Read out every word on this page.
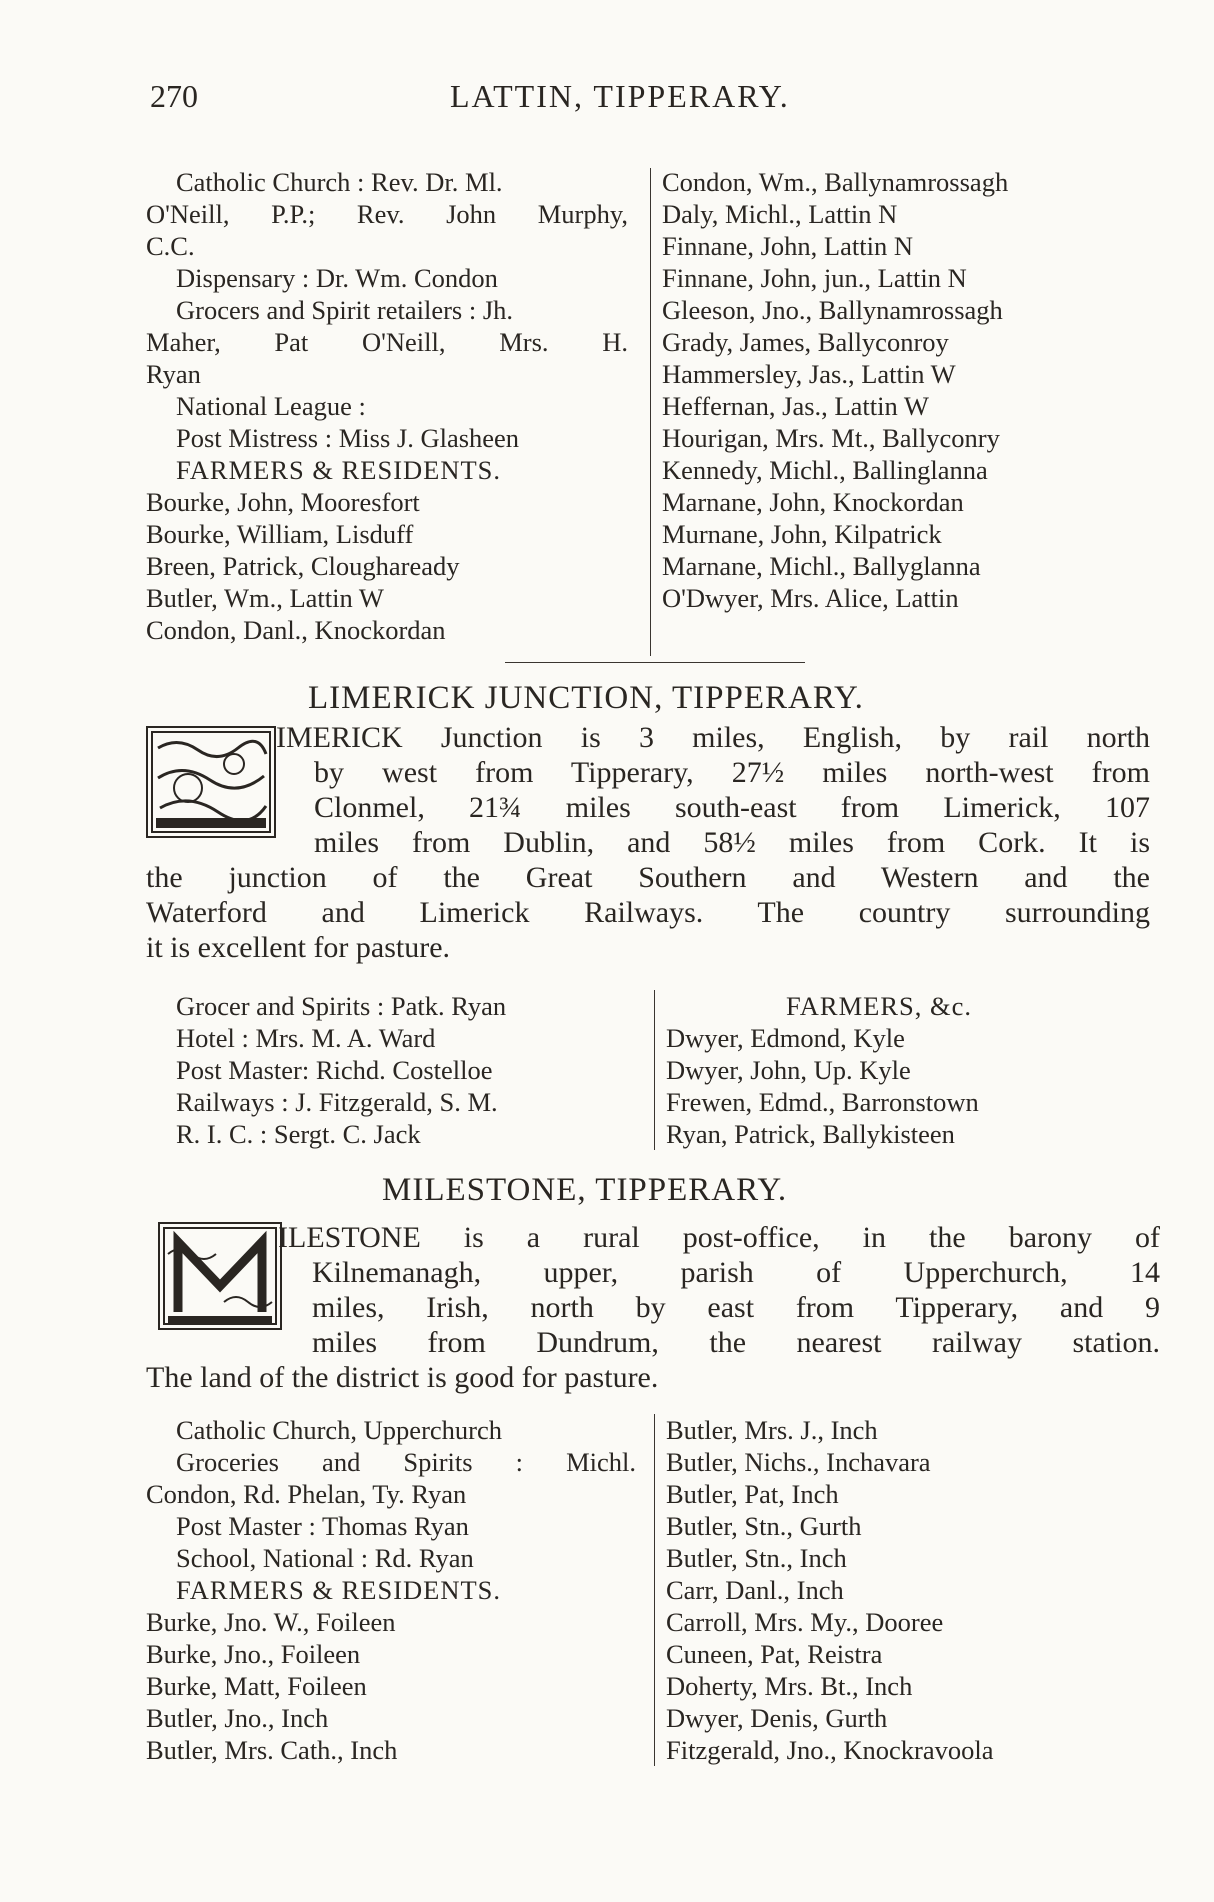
270	LATTIN, TIPPERARY.
Catholic Church : Rev. Dr. Ml.
O'Neill, P.P.; Rev. John Murphy,
C.C.
Dispensary : Dr. Wm. Condon
Grocers and Spirit retailers : Jh.
Maher, Pat O'Neill, Mrs. H.
Ryan
National League :
Post Mistress : Miss J. Glasheen
FARMERS & RESIDENTS.
Bourke, John, Mooresfort
Bourke, William, Lisduff
Breen, Patrick, Clougharеady
Butler, Wm., Lattin W
Condon, Danl., Knockordan
Condon, Wm., Ballynamrossagh
Daly, Michl., Lattin N
Finnane, John, Lattin N
Finnane, John, jun., Lattin N
Gleeson, Jno., Ballynamrossagh
Grady, James, Ballyconroy
Hammersley, Jas., Lattin W
Heffernan, Jas., Lattin W
Hourigan, Mrs. Mt., Ballyconry
Kennedy, Michl., Ballinglanna
Marnane, John, Knockordan
Murnane, John, Kilpatrick
Marnane, Michl., Ballyglanna
O'Dwyer, Mrs. Alice, Lattin
LIMERICK JUNCTION, TIPPERARY.
IMERICK Junction is 3 miles, English, by rail north
by west from Tipperary, 27½ miles north-west from
Clonmel, 21¾ miles south-east from Limerick, 107
miles from Dublin, and 58½ miles from Cork. It is
the junction of the Great Southern and Western and the
Waterford and Limerick Railways. The country surrounding
it is excellent for pasture.
Grocer and Spirits : Patk. Ryan
Hotel : Mrs. M. A. Ward
Post Master: Richd. Costelloe
Railways : J. Fitzgerald, S. M.
R. I. C. : Sergt. C. Jack
FARMERS, &c.
Dwyer, Edmond, Kyle
Dwyer, John, Up. Kyle
Frewen, Edmd., Barronstown
Ryan, Patrick, Ballykisteen
MILESTONE, TIPPERARY.
ILESTONE is a rural post-office, in the barony of
Kilnemanagh, upper, parish of Upperchurch, 14
miles, Irish, north by east from Tipperary, and 9
miles from Dundrum, the nearest railway station.
The land of the district is good for pasture.
Catholic Church, Upperchurch
Groceries and Spirits : Michl.
Condon, Rd. Phelan, Ty. Ryan
Post Master : Thomas Ryan
School, National : Rd. Ryan
FARMERS & RESIDENTS.
Burke, Jno. W., Foileen
Burke, Jno., Foileen
Burke, Matt, Foileen
Butler, Jno., Inch
Butler, Mrs. Cath., Inch
Butler, Mrs. J., Inch
Butler, Nichs., Inchavara
Butler, Pat, Inch
Butler, Stn., Gurth
Butler, Stn., Inch
Carr, Danl., Inch
Carroll, Mrs. My., Dooree
Cuneen, Pat, Reistra
Doherty, Mrs. Bt., Inch
Dwyer, Denis, Gurth
Fitzgerald, Jno., Knockravoola
